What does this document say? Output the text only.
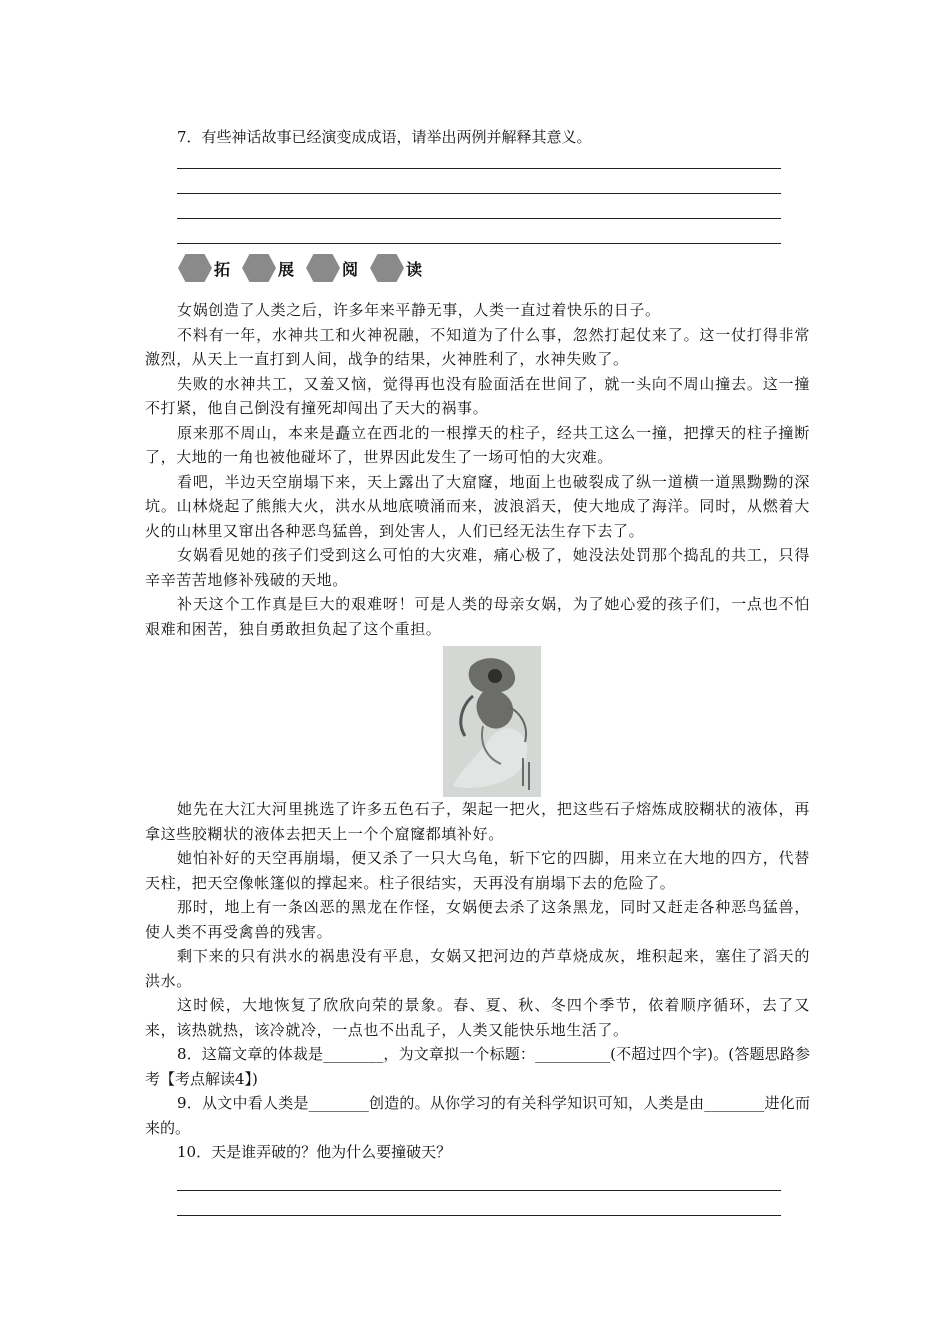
7．有些神话故事已经演变成成语，请举出两例并解释其意义。
拓	展	阅	读

女娲创造了人类之后，许多年来平静无事，人类一直过着快乐的日子。

不料有一年，水神共工和火神祝融，不知道为了什么事，忽然打起仗来了。这一仗打得非常激烈，从天上一直打到人间，战争的结果，火神胜利了，水神失败了。

失败的水神共工，又羞又恼，觉得再也没有脸面活在世间了，就一头向不周山撞去。这一撞不打紧，他自己倒没有撞死却闯出了天大的祸事。

原来那不周山，本来是矗立在西北的一根撑天的柱子，经共工这么一撞，把撑天的柱子撞断了，大地的一角也被他碰坏了，世界因此发生了一场可怕的大灾难。

看吧，半边天空崩塌下来，天上露出了大窟窿，地面上也破裂成了纵一道横一道黑黝黝的深坑。山林烧起了熊熊大火，洪水从地底喷涌而来，波浪滔天，使大地成了海洋。同时，从燃着大火的山林里又窜出各种恶鸟猛兽，到处害人，人们已经无法生存下去了。

女娲看见她的孩子们受到这么可怕的大灾难，痛心极了，她没法处罚那个捣乱的共工，只得辛辛苦苦地修补残破的天地。

补天这个工作真是巨大的艰难呀！可是人类的母亲女娲，为了她心爱的孩子们，一点也不怕艰难和困苦，独自勇敢担负起了这个重担。

她先在大江大河里挑选了许多五色石子，架起一把火，把这些石子熔炼成胶糊状的液体，再拿这些胶糊状的液体去把天上一个个窟窿都填补好。

她怕补好的天空再崩塌，便又杀了一只大乌龟，斩下它的四脚，用来立在大地的四方，代替天柱，把天空像帐篷似的撑起来。柱子很结实，天再没有崩塌下去的危险了。

那时，地上有一条凶恶的黑龙在作怪，女娲便去杀了这条黑龙，同时又赶走各种恶鸟猛兽，使人类不再受禽兽的残害。

剩下来的只有洪水的祸患没有平息，女娲又把河边的芦草烧成灰，堆积起来，塞住了滔天的洪水。

这时候，大地恢复了欣欣向荣的景象。春、夏、秋、冬四个季节，依着顺序循环，去了又来，该热就热，该冷就冷，一点也不出乱子，人类又能快乐地生活了。

8．这篇文章的体裁是________，为文章拟一个标题：__________(不超过四个字)。(答题思路参考【考点解读4】)

9．从文中看人类是________创造的。从你学习的有关科学知识可知，人类是由________进化而来的。

10．天是谁弄破的？他为什么要撞破天？
